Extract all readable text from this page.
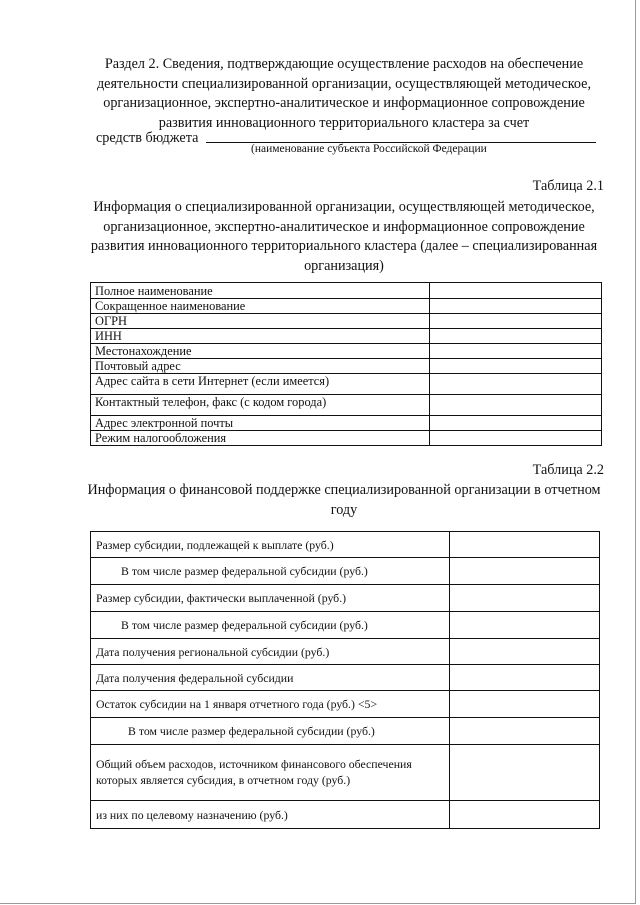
Раздел 2. Сведения, подтверждающие осуществление расходов на обеспечение деятельности специализированной организации, осуществляющей методическое, организационное, экспертно-аналитическое и информационное сопровождение развития инновационного территориального кластера за счет

средств бюджета
(наименование субъекта Российской Федерации
Таблица 2.1

Информация о специализированной организации, осуществляющей методическое, организационное, экспертно-аналитическое и информационное сопровождение развития инновационного территориального кластера (далее – специализированная организация)

Полное наименование	
Сокращенное наименование	
ОГРН	
ИНН	
Местонахождение	
Почтовый адрес	
Адрес сайта в сети Интернет (если имеется)	
Контактный телефон, факс (с кодом города)	
Адрес электронной почты	
Режим налогообложения	
Таблица 2.2

Информация о финансовой поддержке специализированной организации в отчетном году

Размер субсидии, подлежащей к выплате (руб.)	
В том числе размер федеральной субсидии (руб.)	
Размер субсидии, фактически выплаченной (руб.)	
В том числе размер федеральной субсидии (руб.)	
Дата получения региональной субсидии (руб.)	
Дата получения федеральной субсидии	
Остаток субсидии на 1 января отчетного года (руб.) <5>	
В том числе размер федеральной субсидии (руб.)	
Общий объем расходов, источником финансового обеспечения которых является субсидия, в отчетном году (руб.)	
из них по целевому назначению (руб.)	
